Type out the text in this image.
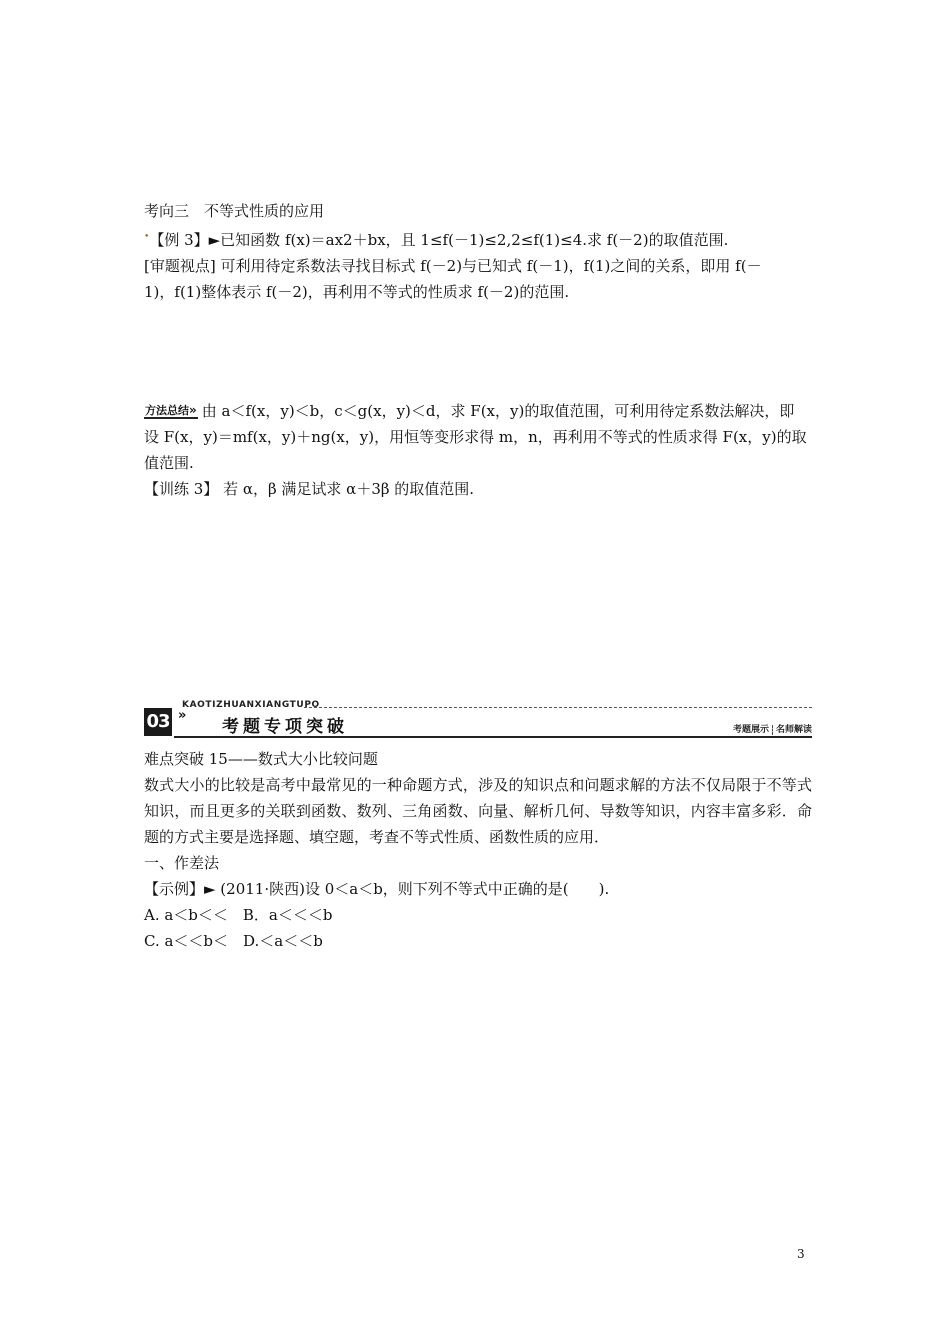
考向三　不等式性质的应用
•【例 3】►已知函数 f(x)＝ax2＋bx，且 1≤f(－1)≤2,2≤f(1)≤4.求 f(－2)的取值范围.
[审题视点] 可利用待定系数法寻找目标式 f(－2)与已知式 f(－1)，f(1)之间的关系，即用 f(－
1)，f(1)整体表示 f(－2)，再利用不等式的性质求 f(－2)的范围.
方法总结» 由 a＜f(x，y)＜b，c＜g(x，y)＜d，求 F(x，y)的取值范围，可利用待定系数法解决，即
设 F(x，y)＝mf(x，y)＋ng(x，y)，用恒等变形求得 m，n，再利用不等式的性质求得 F(x，y)的取
值范围.
【训练 3】 若 α，β 满足试求 α＋3β 的取值范围.
KAOTIZHUANXIANGTUPO
03 »
考题专项突破	考题展示 名师解读
难点突破 15——数式大小比较问题
数式大小的比较是高考中最常见的一种命题方式，涉及的知识点和问题求解的方法不仅局限于不等式知识，而且更多的关联到函数、数列、三角函数、向量、解析几何、导数等知识，内容丰富多彩．命题的方式主要是选择题、填空题，考查不等式性质、函数性质的应用．
一、作差法
【示例】► (2011·陕西)设 0＜a＜b，则下列不等式中正确的是(　　).
A. a＜b＜＜　B．a＜＜＜b
C. a＜＜b＜　D.＜a＜＜b
3
